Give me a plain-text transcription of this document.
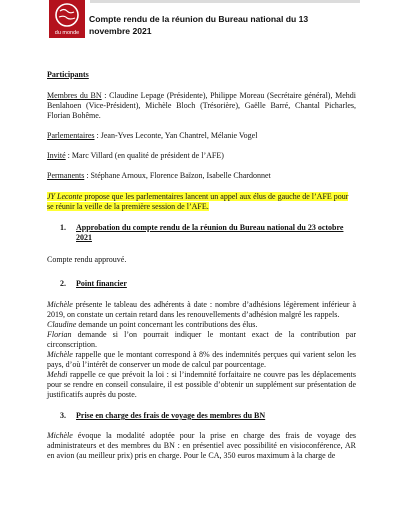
du monde
Compte rendu de la réunion du Bureau national du 13 novembre 2021

Participants

Membres du BN : Claudine Lepage (Présidente), Philippe Moreau (Secrétaire général), Mehdi Benlahoen (Vice-Président), Michèle Bloch (Trésorière), Gaëlle Barré, Chantal Picharles, Florian Bohême.

Parlementaires : Jean-Yves Leconte, Yan Chantrel, Mélanie Vogel

Invité : Marc Villard (en qualité de président de l’AFE)

Permanents : Stéphane Arnoux, Florence Baïzon, Isabelle Chardonnet

JY Leconte propose que les parlementaires lancent un appel aux élus de gauche de l’AFE pour se réunir la veille de la première session de l’AFE.

1.	Approbation du compte rendu de la réunion du Bureau national du 23 octobre 2021

Compte rendu approuvé.

2.	Point financier

Michèle présente le tableau des adhérents à date : nombre d’adhésions légèrement inférieur à 2019, on constate un certain retard dans les renouvellements d’adhésion malgré les rappels.
Claudine demande un point concernant les contributions des élus.
Florian demande si l’on pourrait indiquer le montant exact de la contribution par circonscription.
Michèle rappelle que le montant correspond à 8% des indemnités perçues qui varient selon les pays, d’où l’intérêt de conserver un mode de calcul par pourcentage.
Mehdi rappelle ce que prévoit la loi : si l’indemnité forfaitaire ne couvre pas les déplacements pour se rendre en conseil consulaire, il est possible d’obtenir un supplément sur présentation de justificatifs auprès du poste.

3.	Prise en charge des frais de voyage des membres du BN

Michèle évoque la modalité adoptée pour la prise en charge des frais de voyage des administrateurs et des membres du BN : en présentiel avec possibilité en visioconférence, AR en avion (au meilleur prix) pris en charge. Pour le CA, 350 euros maximum à la charge de
